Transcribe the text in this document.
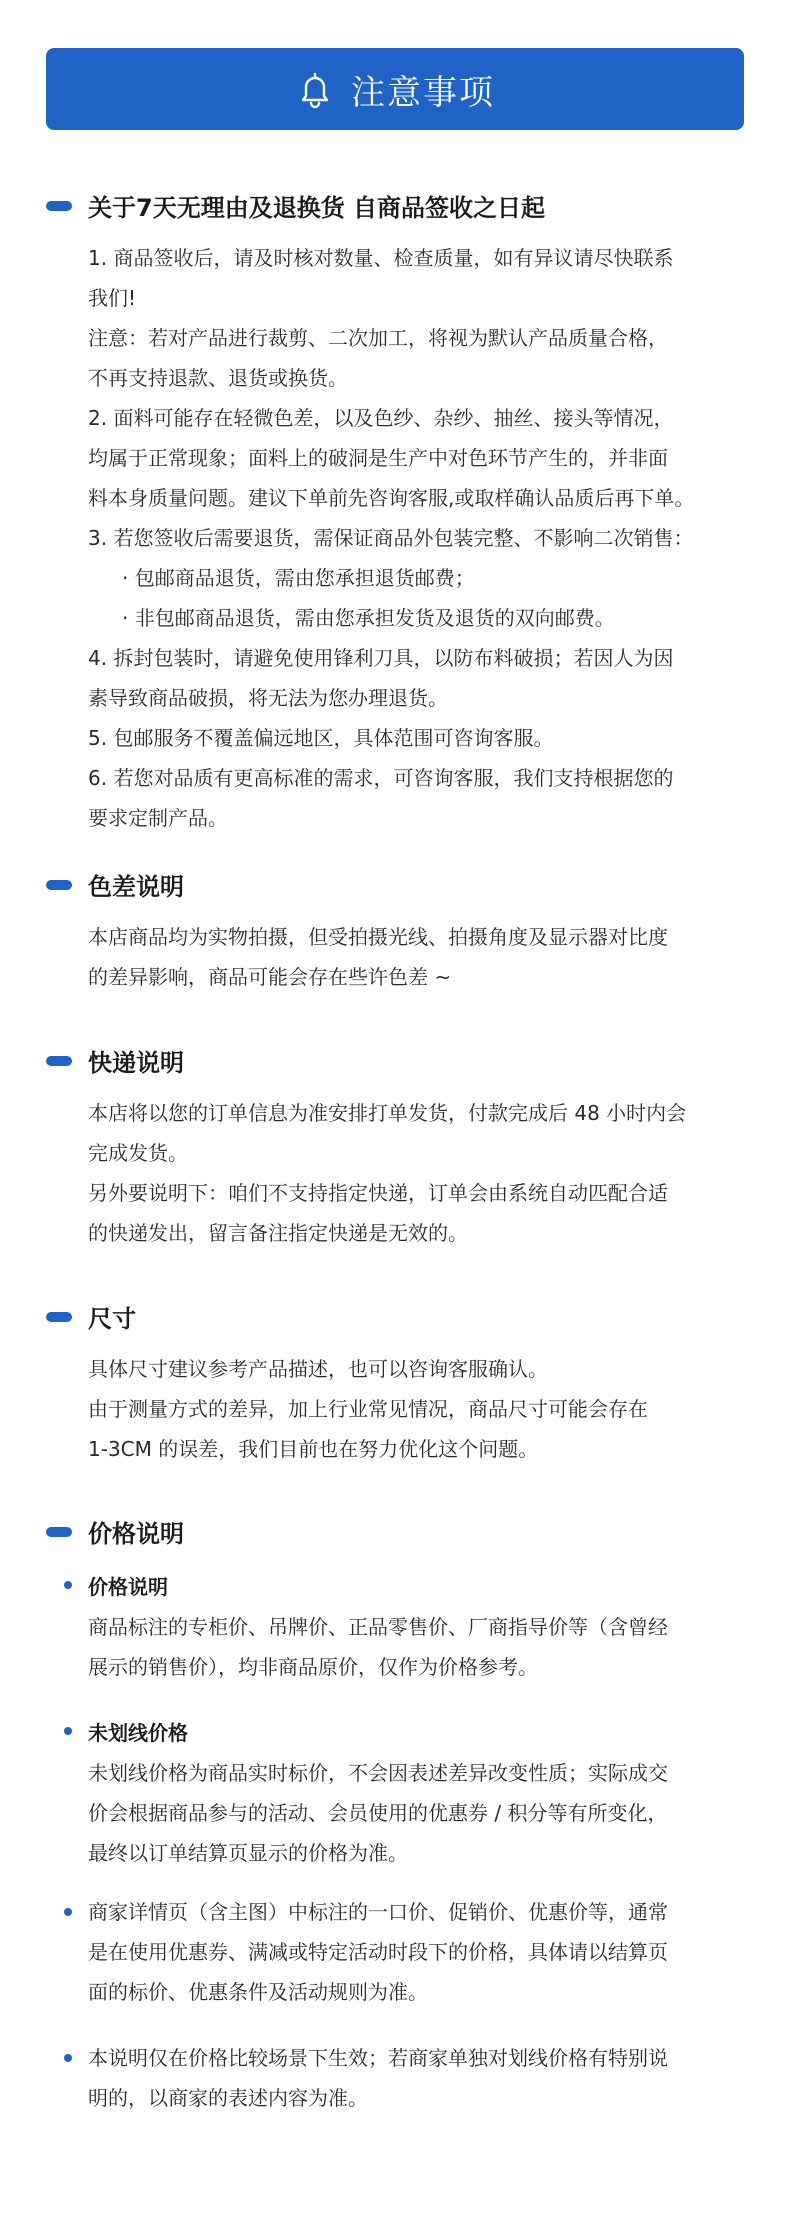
注意事项
关于7天无理由及退换货 自商品签收之日起
1. 商品签收后，请及时核对数量、检查质量，如有异议请尽快联系
我们!
注意：若对产品进行裁剪、二次加工，将视为默认产品质量合格，
不再支持退款、退货或换货。
2. 面料可能存在轻微色差，以及色纱、杂纱、抽丝、接头等情况，
均属于正常现象；面料上的破洞是生产中对色环节产生的，并非面
料本身质量问题。建议下单前先咨询客服,或取样确认品质后再下单。
3. 若您签收后需要退货，需保证商品外包装完整、不影响二次销售：
· 包邮商品退货，需由您承担退货邮费；
· 非包邮商品退货，需由您承担发货及退货的双向邮费。
4. 拆封包装时，请避免使用锋利刀具，以防布料破损；若因人为因
素导致商品破损，将无法为您办理退货。
5. 包邮服务不覆盖偏远地区，具体范围可咨询客服。
6. 若您对品质有更高标准的需求，可咨询客服，我们支持根据您的
要求定制产品。
色差说明
本店商品均为实物拍摄，但受拍摄光线、拍摄角度及显示器对比度
的差异影响，商品可能会存在些许色差 ~
快递说明
本店将以您的订单信息为准安排打单发货，付款完成后 48 小时内会
完成发货。
另外要说明下：咱们不支持指定快递，订单会由系统自动匹配合适
的快递发出，留言备注指定快递是无效的。
尺寸
具体尺寸建议参考产品描述，也可以咨询客服确认。
由于测量方式的差异，加上行业常见情况，商品尺寸可能会存在
1-3CM 的误差，我们目前也在努力优化这个问题。
价格说明
价格说明
商品标注的专柜价、吊牌价、正品零售价、厂商指导价等（含曾经
展示的销售价），均非商品原价，仅作为价格参考。
未划线价格
未划线价格为商品实时标价，不会因表述差异改变性质；实际成交
价会根据商品参与的活动、会员使用的优惠券 / 积分等有所变化，
最终以订单结算页显示的价格为准。
商家详情页（含主图）中标注的一口价、促销价、优惠价等，通常
是在使用优惠券、满减或特定活动时段下的价格，具体请以结算页
面的标价、优惠条件及活动规则为准。
本说明仅在价格比较场景下生效；若商家单独对划线价格有特别说
明的，以商家的表述内容为准。
